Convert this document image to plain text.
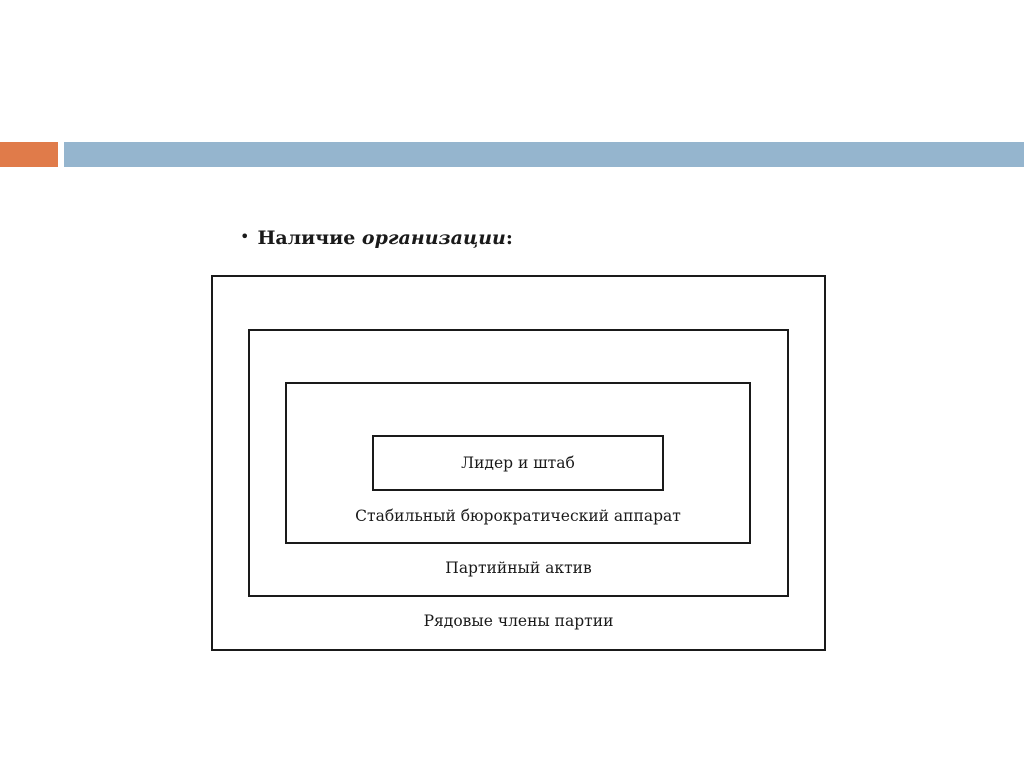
• Наличие организации:
Лидер и штаб
Стабильный бюрократический аппарат
Партийный актив
Рядовые члены партии
